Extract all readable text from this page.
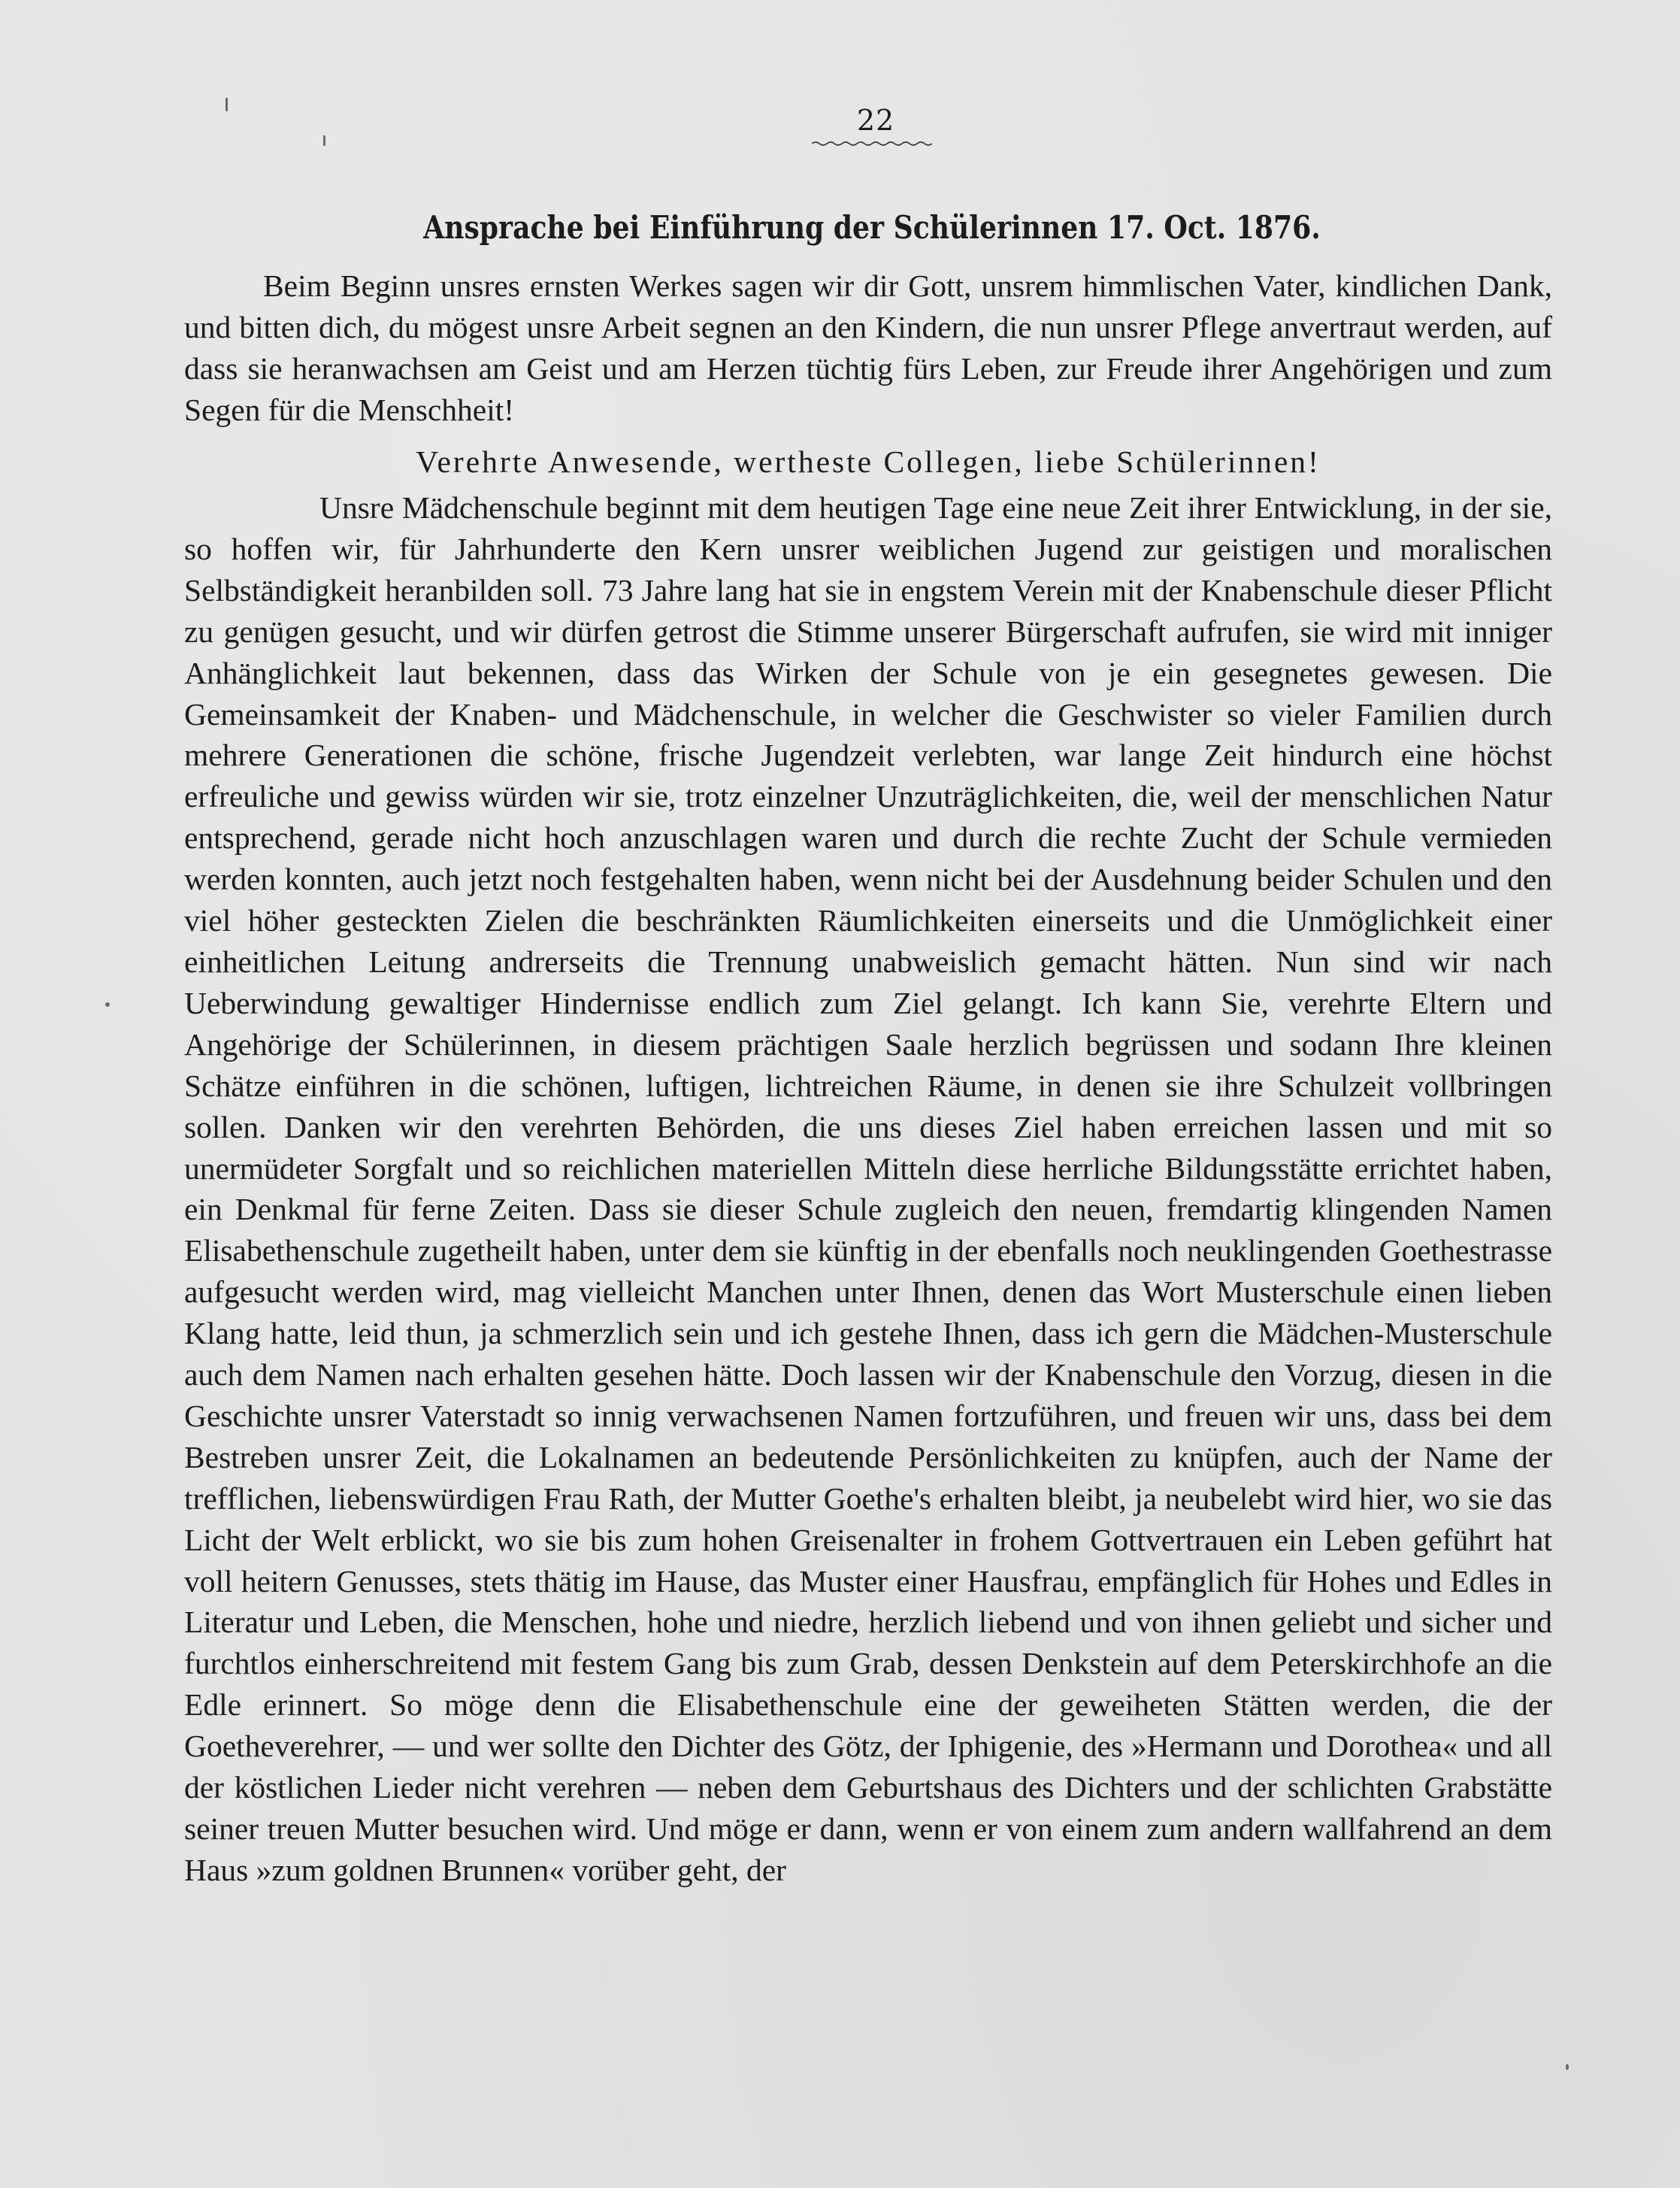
22
Ansprache bei Einführung der Schülerinnen 17. Oct. 1876.

Beim Beginn unsres ernsten Werkes sagen wir dir Gott, unsrem himmlischen Vater, kindlichen Dank, und bitten dich, du mögest unsre Arbeit segnen an den Kindern, die nun unsrer Pflege anvertraut werden, auf dass sie heranwachsen am Geist und am Herzen tüchtig fürs Leben, zur Freude ihrer Angehörigen und zum Segen für die Menschheit!

Verehrte Anwesende, wertheste Collegen, liebe Schülerinnen!

Unsre Mädchenschule beginnt mit dem heutigen Tage eine neue Zeit ihrer Entwicklung, in der sie, so hoffen wir, für Jahrhunderte den Kern unsrer weiblichen Jugend zur geistigen und moralischen Selbständigkeit heranbilden soll. 73 Jahre lang hat sie in engstem Verein mit der Knabenschule dieser Pflicht zu genügen gesucht, und wir dürfen getrost die Stimme unserer Bürgerschaft aufrufen, sie wird mit inniger Anhänglichkeit laut bekennen, dass das Wirken der Schule von je ein gesegnetes gewesen. Die Gemeinsamkeit der Knaben- und Mädchenschule, in welcher die Geschwister so vieler Familien durch mehrere Generationen die schöne, frische Jugendzeit verlebten, war lange Zeit hindurch eine höchst erfreuliche und gewiss würden wir sie, trotz einzelner Unzuträglichkeiten, die, weil der menschlichen Natur entsprechend, gerade nicht hoch anzuschlagen waren und durch die rechte Zucht der Schule vermieden werden konnten, auch jetzt noch festgehalten haben, wenn nicht bei der Ausdehnung beider Schulen und den viel höher gesteckten Zielen die beschränkten Räumlichkeiten einerseits und die Unmöglichkeit einer einheitlichen Leitung andrerseits die Trennung unabweislich gemacht hätten. Nun sind wir nach Ueberwindung gewaltiger Hindernisse endlich zum Ziel gelangt. Ich kann Sie, verehrte Eltern und Angehörige der Schülerinnen, in diesem prächtigen Saale herzlich begrüssen und sodann Ihre kleinen Schätze einführen in die schönen, luftigen, lichtreichen Räume, in denen sie ihre Schulzeit vollbringen sollen. Danken wir den verehrten Behörden, die uns dieses Ziel haben erreichen lassen und mit so unermüdeter Sorgfalt und so reichlichen materiellen Mitteln diese herrliche Bildungsstätte errichtet haben, ein Denkmal für ferne Zeiten. Dass sie dieser Schule zugleich den neuen, fremdartig klingenden Namen Elisabethenschule zugetheilt haben, unter dem sie künftig in der ebenfalls noch neuklingenden Goethestrasse aufgesucht werden wird, mag vielleicht Manchen unter Ihnen, denen das Wort Musterschule einen lieben Klang hatte, leid thun, ja schmerzlich sein und ich gestehe Ihnen, dass ich gern die Mädchen-Musterschule auch dem Namen nach erhalten gesehen hätte. Doch lassen wir der Knabenschule den Vorzug, diesen in die Geschichte unsrer Vaterstadt so innig verwachsenen Namen fortzuführen, und freuen wir uns, dass bei dem Bestreben unsrer Zeit, die Lokalnamen an bedeutende Persönlichkeiten zu knüpfen, auch der Name der trefflichen, liebenswürdigen Frau Rath, der Mutter Goethe's erhalten bleibt, ja neubelebt wird hier, wo sie das Licht der Welt erblickt, wo sie bis zum hohen Greisenalter in frohem Gottvertrauen ein Leben geführt hat voll heitern Genusses, stets thätig im Hause, das Muster einer Hausfrau, empfänglich für Hohes und Edles in Literatur und Leben, die Menschen, hohe und niedre, herzlich liebend und von ihnen geliebt und sicher und furchtlos einherschreitend mit festem Gang bis zum Grab, dessen Denkstein auf dem Peterskirchhofe an die Edle erinnert. So möge denn die Elisabethenschule eine der geweiheten Stätten werden, die der Goetheverehrer, — und wer sollte den Dichter des Götz, der Iphigenie, des »Hermann und Dorothea« und all der köstlichen Lieder nicht verehren — neben dem Geburtshaus des Dichters und der schlichten Grabstätte seiner treuen Mutter besuchen wird. Und möge er dann, wenn er von einem zum andern wallfahrend an dem Haus »zum goldnen Brunnen« vorüber geht, der
